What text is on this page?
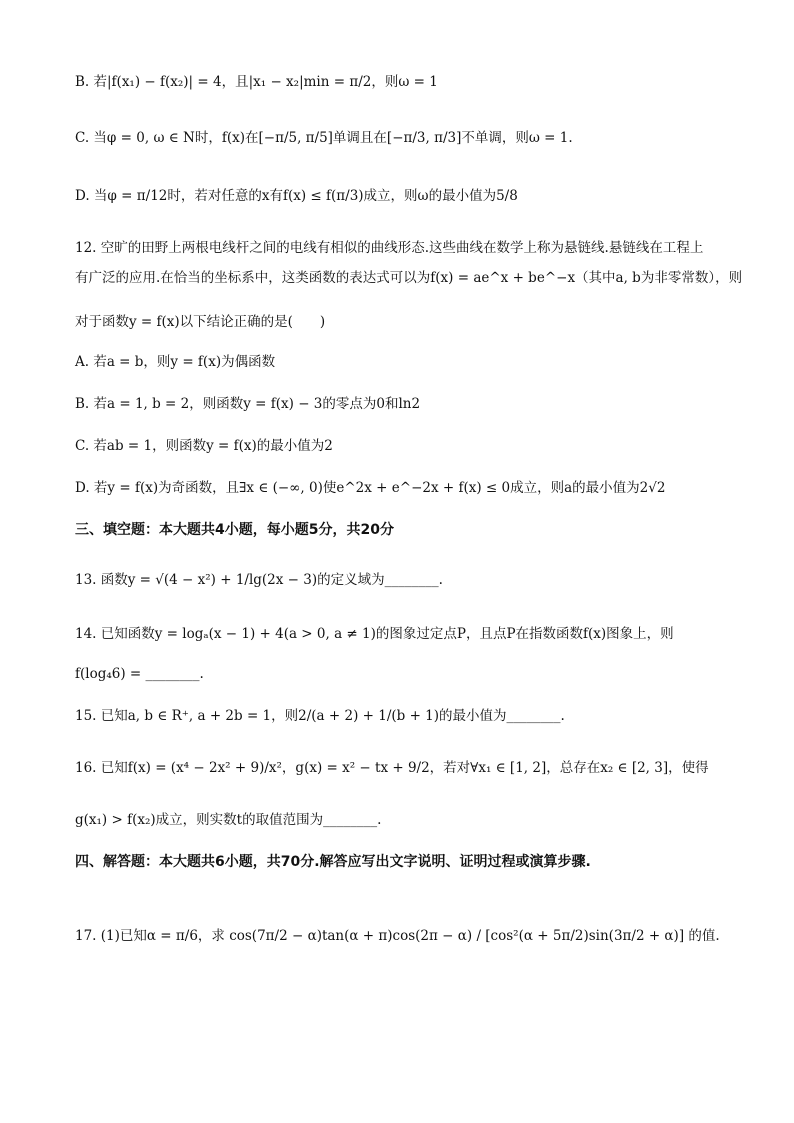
B. 若|f(x₁) − f(x₂)| = 4，且|x₁ − x₂|min = π/2，则ω = 1
C. 当φ = 0, ω ∈ N时，f(x)在[−π/5, π/5]单调且在[−π/3, π/3]不单调，则ω = 1.
D. 当φ = π/12时，若对任意的x有f(x) ≤ f(π/3)成立，则ω的最小值为5/8
12. 空旷的田野上两根电线杆之间的电线有相似的曲线形态.这些曲线在数学上称为悬链线.悬链线在工程上
有广泛的应用.在恰当的坐标系中，这类函数的表达式可以为f(x) = ae^x + be^−x（其中a, b为非零常数），则
对于函数y = f(x)以下结论正确的是(　　)
A. 若a = b，则y = f(x)为偶函数
B. 若a = 1, b = 2，则函数y = f(x) − 3的零点为0和ln2
C. 若ab = 1，则函数y = f(x)的最小值为2
D. 若y = f(x)为奇函数，且∃x ∈ (−∞, 0)使e^2x + e^−2x + f(x) ≤ 0成立，则a的最小值为2√2
三、填空题：本大题共4小题，每小题5分，共20分
13. 函数y = √(4 − x²) + 1/lg(2x − 3)的定义域为________.
14. 已知函数y = logₐ(x − 1) + 4(a > 0, a ≠ 1)的图象过定点P，且点P在指数函数f(x)图象上，则
f(log₄6) = ________.
15. 已知a, b ∈ R⁺, a + 2b = 1，则2/(a + 2) + 1/(b + 1)的最小值为________.
16. 已知f(x) = (x⁴ − 2x² + 9)/x²，g(x) = x² − tx + 9/2，若对∀x₁ ∈ [1, 2]，总存在x₂ ∈ [2, 3]，使得
g(x₁) > f(x₂)成立，则实数t的取值范围为________.
四、解答题：本大题共6小题，共70分.解答应写出文字说明、证明过程或演算步骤.
17. (1)已知α = π/6，求 cos(7π/2 − α)tan(α + π)cos(2π − α) / [cos²(α + 5π/2)sin(3π/2 + α)] 的值.
